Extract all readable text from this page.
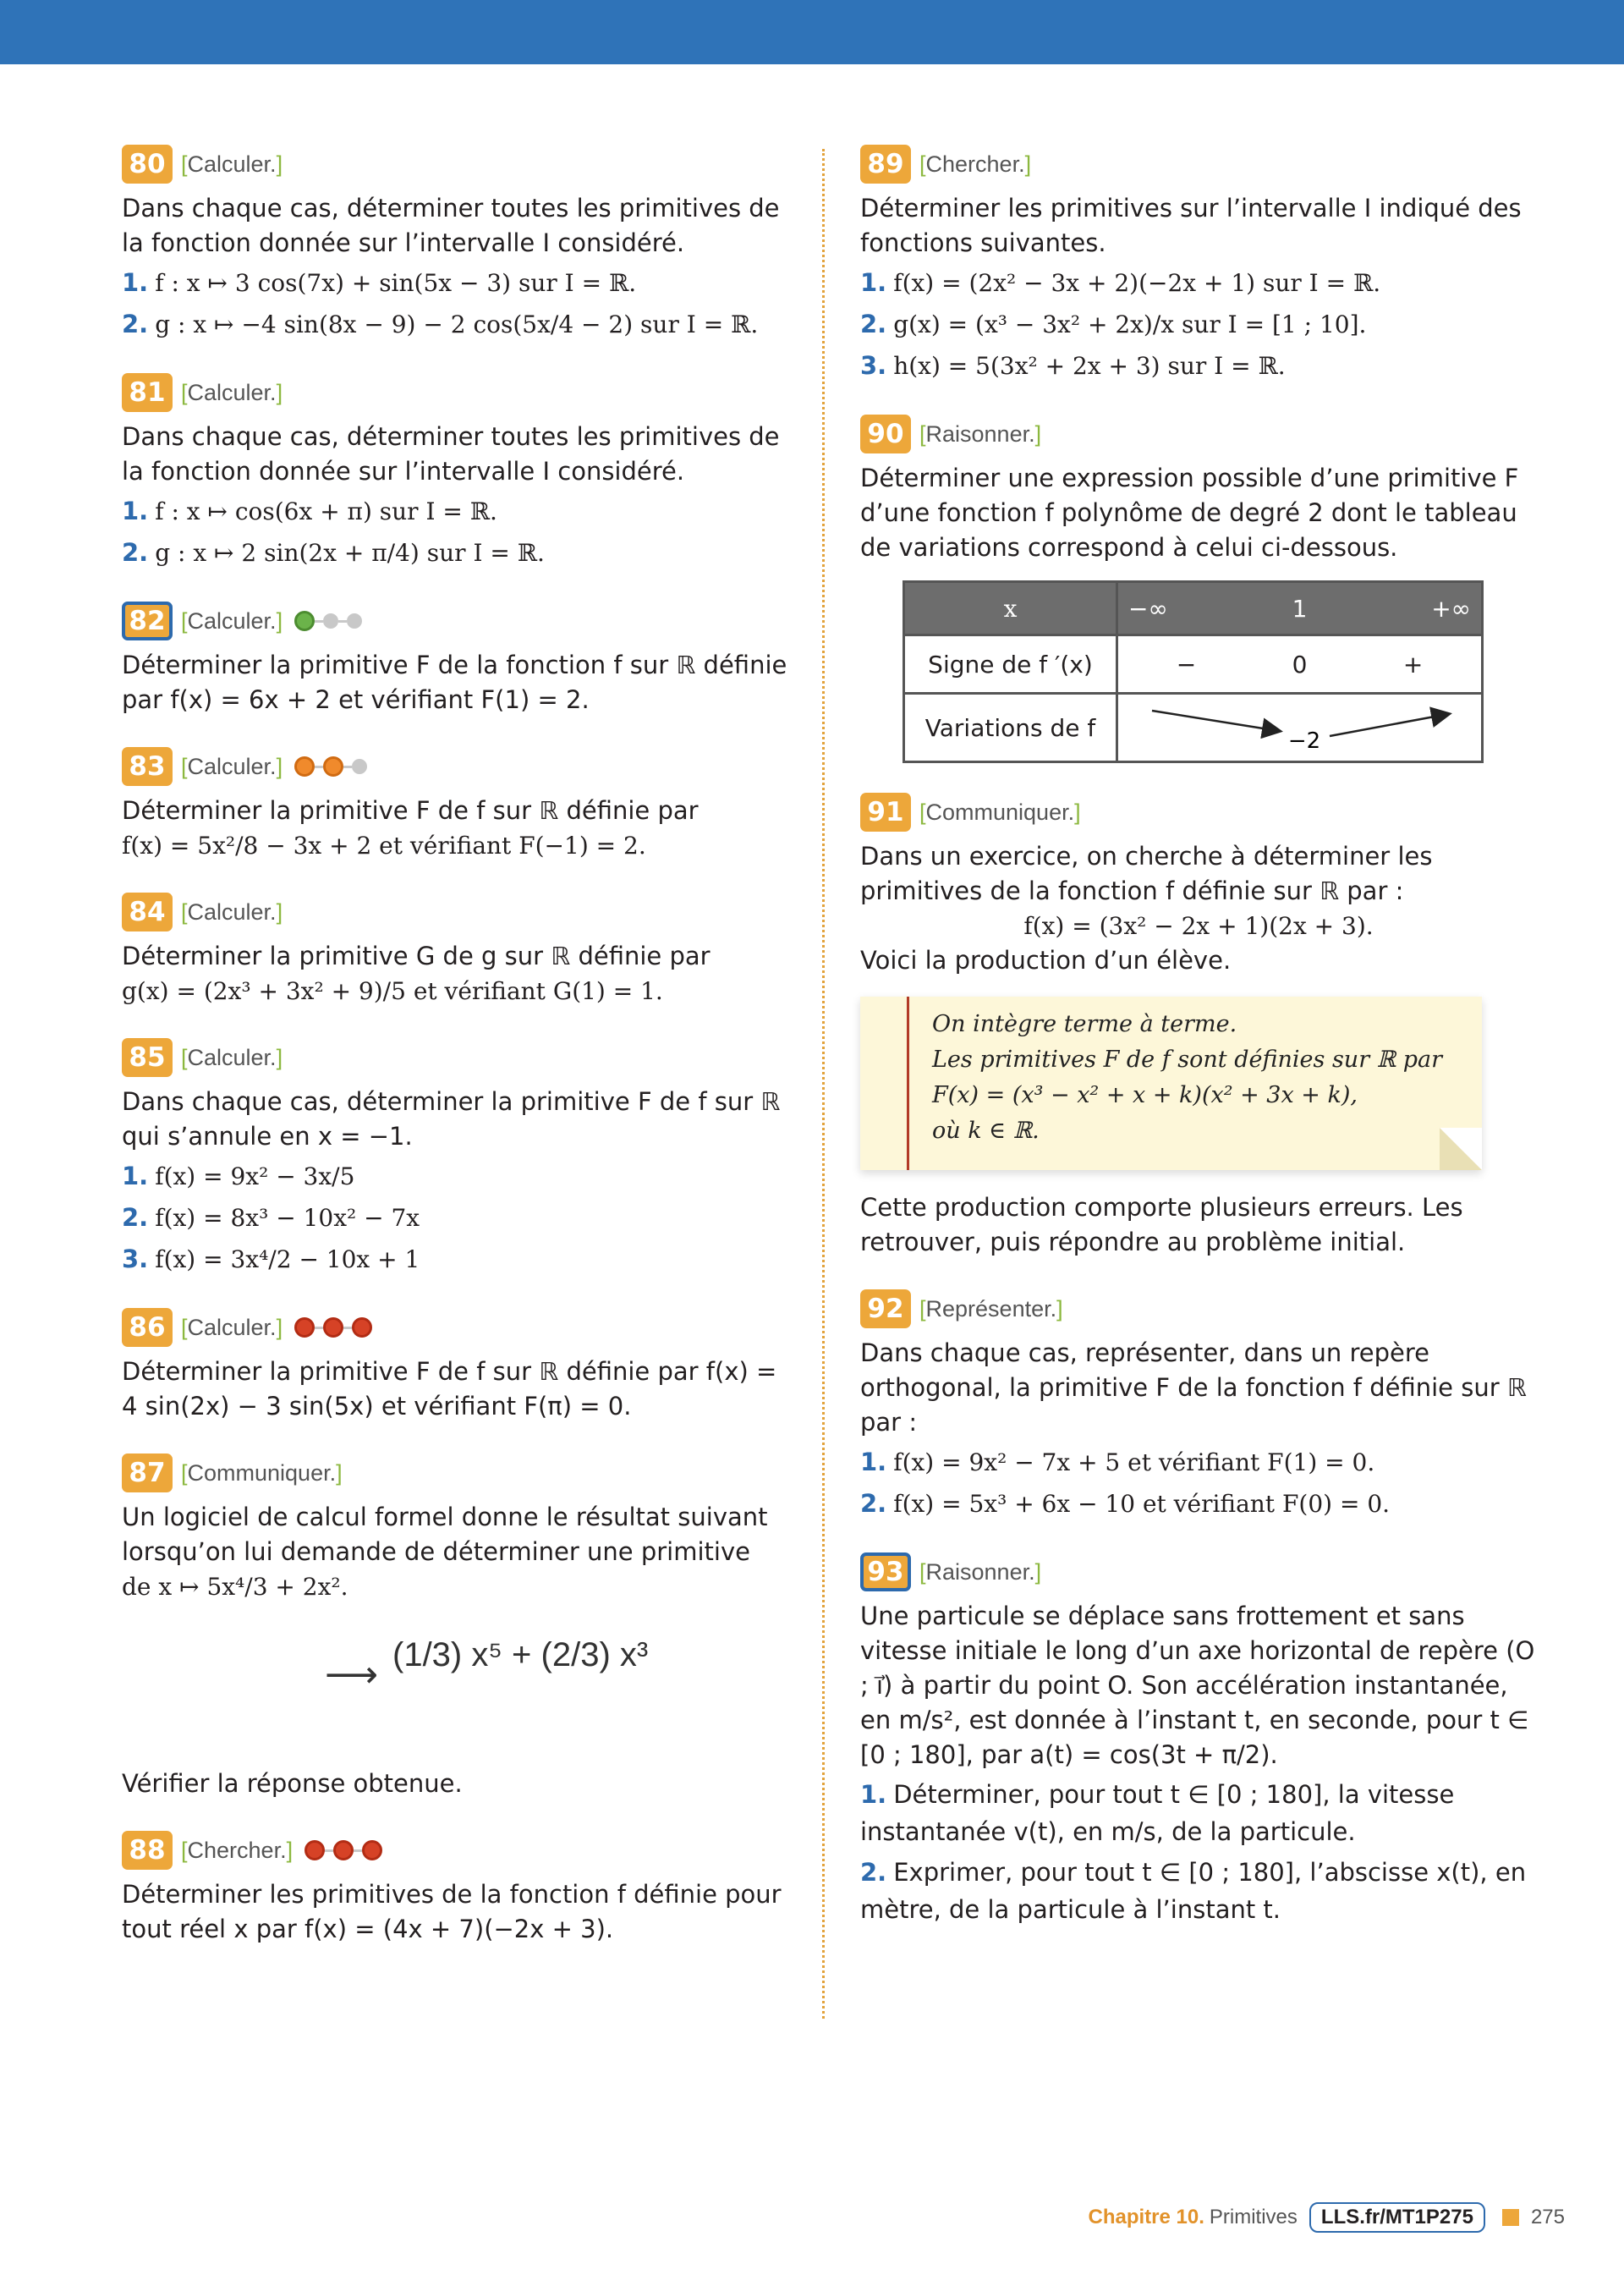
80 [Calculer.]

Dans chaque cas, déterminer toutes les primitives de la fonction donnée sur l’intervalle I considéré.

1. f : x ↦ 3 cos(7x) + sin(5x − 3) sur I = ℝ.
2. g : x ↦ −4 sin(8x − 9) − 2 cos(5x/4 − 2) sur I = ℝ.
81 [Calculer.]

Dans chaque cas, déterminer toutes les primitives de la fonction donnée sur l’intervalle I considéré.

1. f : x ↦ cos(6x + π) sur I = ℝ.
2. g : x ↦ 2 sin(2x + π/4) sur I = ℝ.
82 [Calculer.]

Déterminer la primitive F de la fonction f sur ℝ définie par f(x) = 6x + 2 et vérifiant F(1) = 2.

83 [Calculer.]

Déterminer la primitive F de f sur ℝ définie par

f(x) = 5x²/8 − 3x + 2 et vérifiant F(−1) = 2.

84 [Calculer.]

Déterminer la primitive G de g sur ℝ définie par

g(x) = (2x³ + 3x² + 9)/5 et vérifiant G(1) = 1.

85 [Calculer.]

Dans chaque cas, déterminer la primitive F de f sur ℝ qui s’annule en x = −1.

1. f(x) = 9x² − 3x/5
2. f(x) = 8x³ − 10x² − 7x
3. f(x) = 3x⁴/2 − 10x + 1
86 [Calculer.]

Déterminer la primitive F de f sur ℝ définie par f(x) = 4 sin(2x) − 3 sin(5x) et vérifiant F(π) = 0.

87 [Communiquer.]

Un logiciel de calcul formel donne le résultat suivant lorsqu’on lui demande de déterminer une primitive

de x ↦ 5x⁴/3 + 2x².

⟶ (1/3) x⁵ + (2/3) x³

Vérifier la réponse obtenue.

88 [Chercher.]

Déterminer les primitives de la fonction f définie pour tout réel x par f(x) = (4x + 7)(−2x + 3).

89 [Chercher.]

Déterminer les primitives sur l’intervalle I indiqué des fonctions suivantes.

1. f(x) = (2x² − 3x + 2)(−2x + 1) sur I = ℝ.
2. g(x) = (x³ − 3x² + 2x)/x sur I = [1 ; 10].
3. h(x) = 5(3x² + 2x + 3) sur I = ℝ.
90 [Raisonner.]

Déterminer une expression possible d’une primitive F d’une fonction f polynôme de degré 2 dont le tableau de variations correspond à celui ci-dessous.

x	−∞ 1 +∞

Signe de f ′(x)	− 0 +

Variations de f	−2
91 [Communiquer.]

Dans un exercice, on cherche à déterminer les primitives de la fonction f définie sur ℝ par :

f(x) = (3x² − 2x + 1)(2x + 3).

Voici la production d’un élève.

On intègre terme à terme.
Les primitives F de f sont définies sur ℝ par
F(x) = (x³ − x² + x + k)(x² + 3x + k),
où k ∈ ℝ.

Cette production comporte plusieurs erreurs. Les retrouver, puis répondre au problème initial.

92 [Représenter.]

Dans chaque cas, représenter, dans un repère orthogonal, la primitive F de la fonction f définie sur ℝ par :

1. f(x) = 9x² − 7x + 5 et vérifiant F(1) = 0.
2. f(x) = 5x³ + 6x − 10 et vérifiant F(0) = 0.
93 [Raisonner.]

Une particule se déplace sans frottement et sans vitesse initiale le long d’un axe horizontal de repère (O ; i⃗) à partir du point O. Son accélération instantanée, en m/s², est donnée à l’instant t, en seconde, pour t ∈ [0 ; 180], par a(t) = cos(3t + π/2).

1. Déterminer, pour tout t ∈ [0 ; 180], la vitesse instantanée v(t), en m/s, de la particule.
2. Exprimer, pour tout t ∈ [0 ; 180], l’abscisse x(t), en mètre, de la particule à l’instant t.
Chapitre 10. Primitives	LLS.fr/MT1P275	275
